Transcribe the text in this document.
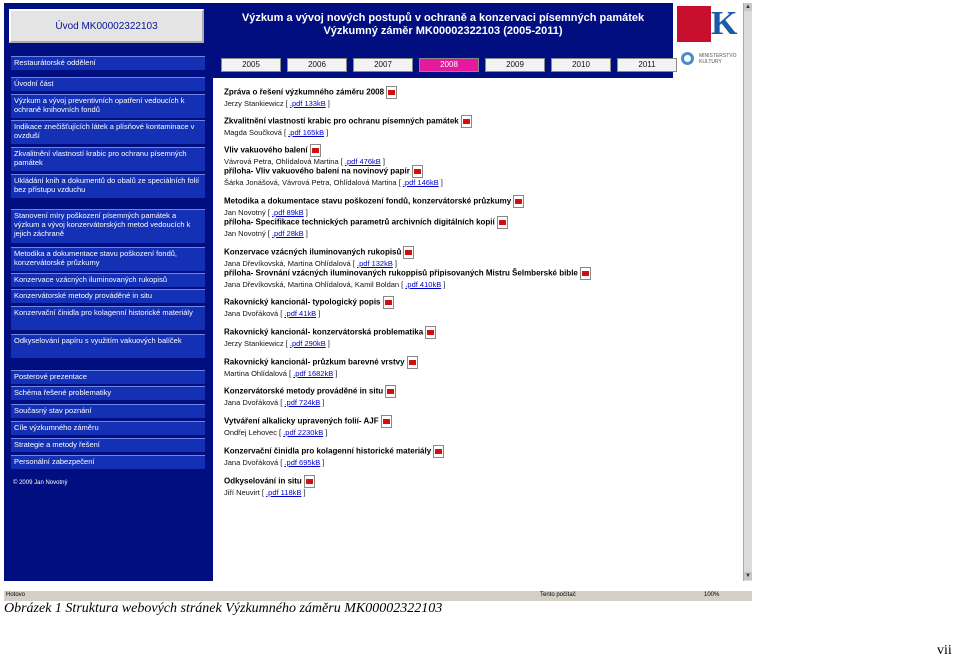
Úvod MK00002322103
Restaurátorské oddělení
Úvodní část
Výzkum a vývoj preventivních opatření vedoucích k ochraně knihovních fondů
Indikace znečišťujících látek a plísňové kontaminace v ovzduší
Zkvalitnění vlastností krabic pro ochranu písemných památek
Ukládání knih a dokumentů do obalů ze speciálních folií bez přístupu vzduchu
Stanovení míry poškození písemných památek a výzkum a vývoj konzervátorských metod vedoucích k jejich záchraně
Metodika a dokumentace stavu poškození fondů, konzervátorské průzkumy
Konzervace vzácných iluminovaných rukopisů
Konzervátorské metody prováděné in situ
Konzervační činidla pro kolagenní historické materiály
Odkyselování papíru s využitím vakuových balíček
Posterové prezentace
Schéma řešené problematiky
Současný stav poznání
Cíle výzkumného záměru
Strategie a metody řešení
Personální zabezpečení
© 2009 Jan Novotný
Výzkum a vývoj nových postupů v ochraně a konzervaci písemných památek
Výzkumný záměr MK00002322103 (2005-2011)	K
MINISTERSTVO KULTURY
2005	2006	2007	2008	2009	2010	2011
Zpráva o řešení výzkumného záměru 2008
Jerzy Stankiewicz [ .pdf 133kB ]
Zkvalitnění vlastností krabic pro ochranu písemných památek
Magda Součková [ .pdf 165kB ]
Vliv vakuového balení
Vávrová Petra, Ohlídalová Martina [ .pdf 476kB ]
příloha- Vliv vakuového balení na novinový papír
Šárka Jonášová, Vávrová Petra, Ohlídalová Martina [ .pdf 146kB ]
Metodika a dokumentace stavu poškození fondů, konzervátorské průzkumy
Jan Novotný [ .pdf 89kB ]
příloha- Specifikace technických parametrů archivních digitálních kopií
Jan Novotný [ .pdf 28kB ]
Konzervace vzácných iluminovaných rukopisů
Jana Dřevíkovská, Martina Ohlídalová [ .pdf 132kB ]
příloha- Srovnání vzácných iluminovaných rukoppisů připisovaných Mistru Šelmberské bible
Jana Dřevíkovská, Martina Ohlídalová, Kamil Boldan [ .pdf 410kB ]
Rakovnický kancionál- typologický popis
Jana Dvořáková [ .pdf 41kB ]
Rakovnický kancionál- konzervátorská problematika
Jerzy Stankiewicz [ .pdf 290kB ]
Rakovnický kancionál- průzkum barevné vrstvy
Martina Ohlídalová [ .pdf 1682kB ]
Konzervátorské metody prováděné in situ
Jana Dvořáková [ .pdf 724kB ]
Vytváření alkalicky upravených folií- AJF
Ondřej Lehovec [ .pdf 2230kB ]
Konzervační činidla pro kolagenní historické materiály
Jana Dvořáková [ .pdf 695kB ]
Odkyselování in situ
Jiří Neuvirt [ .pdf 118kB ]
▲
▼
Hotovo	Tento počítač	100%
Obrázek 1 Struktura webových stránek Výzkumného záměru MK00002322103
vii
